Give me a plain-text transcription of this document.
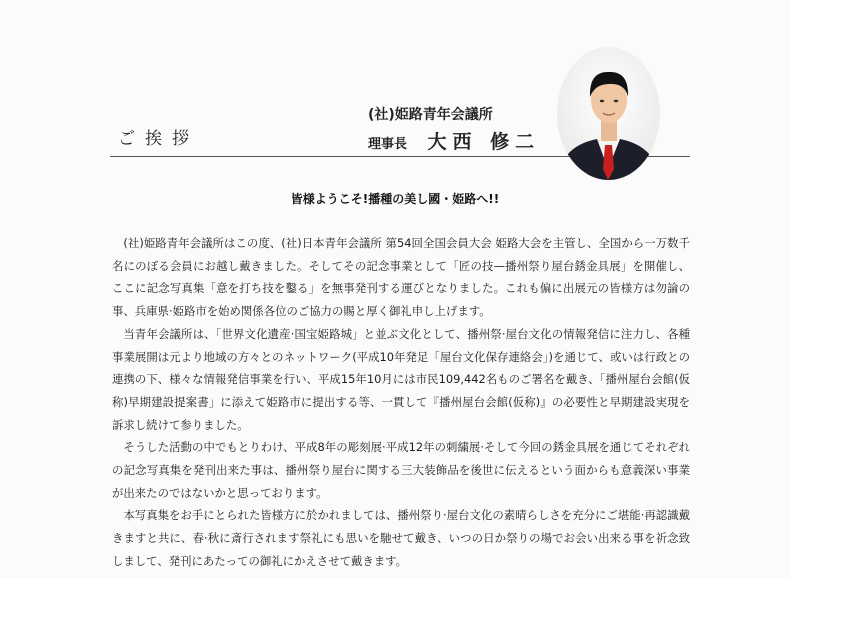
ご挨拶
(社)姫路青年会議所
理事長 大西 修二
皆様ようこそ!播種の美し國・姫路へ!!

(社)姫路青年会議所はこの度、(社)日本青年会議所 第54回全国会員大会 姫路大会を主管し、全国から一万数千名にのぼる会員にお越し戴きました。そしてその記念事業として「匠の技—播州祭り屋台銹金具展」を開催し、ここに記念写真集「意を打ち技を鑿る」を無事発刊する運びとなりました。これも偏に出展元の皆様方は勿論の事、兵庫県·姫路市を始め関係各位のご協力の賜と厚く御礼申し上げます。

当青年会議所は、「世界文化遺産·国宝姫路城」と並ぶ文化として、播州祭·屋台文化の情報発信に注力し、各種事業展開は元より地域の方々とのネットワーク(平成10年発足「屋台文化保存連絡会」)を通じて、或いは行政との連携の下、様々な情報発信事業を行い、平成15年10月には市民109,442名ものご署名を戴き、「播州屋台会館(仮称)早期建設提案書」に添えて姫路市に提出する等、一貫して『播州屋台会館(仮称)』の必要性と早期建設実現を訴求し続けて参りました。

そうした活動の中でもとりわけ、平成8年の彫刻展·平成12年の刺繍展·そして今回の銹金具展を通じてそれぞれの記念写真集を発刊出来た事は、播州祭り屋台に関する三大装飾品を後世に伝えるという面からも意義深い事業が出来たのではないかと思っております。

本写真集をお手にとられた皆様方に於かれましては、播州祭り·屋台文化の素晴らしさを充分にご堪能·再認識戴きますと共に、春·秋に斎行されます祭礼にも思いを馳せて戴き、いつの日か祭りの場でお会い出来る事を祈念致しまして、発刊にあたっての御礼にかえさせて戴きます。
